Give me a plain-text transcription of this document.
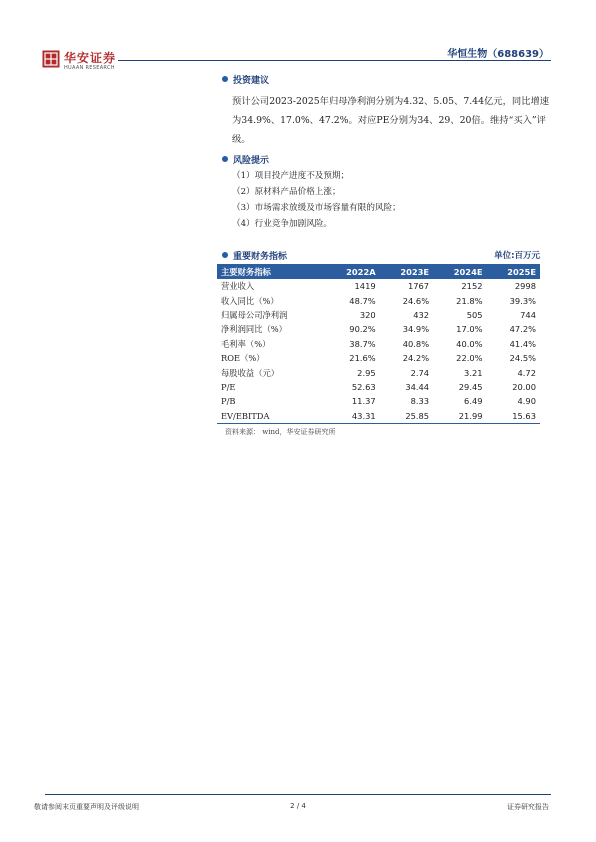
华安证券
HUAAN RESEARCH
华恒生物（688639）
投资建议
预计公司2023-2025年归母净利润分别为4.32、5.05、7.44亿元，同比增速为34.9%、17.0%、47.2%。对应PE分别为34、29、20倍。维持“买入”评级。
风险提示
（1）项目投产进度不及预期；
（2）原材料产品价格上涨；
（3）市场需求放缓及市场容量有限的风险；
（4）行业竞争加剧风险。
重要财务指标	单位:百万元
主要财务指标	2022A	2023E	2024E	2025E
营业收入	1419	1767	2152	2998
收入同比（%）	48.7%	24.6%	21.8%	39.3%
归属母公司净利润	320	432	505	744
净利润同比（%）	90.2%	34.9%	17.0%	47.2%
毛利率（%）	38.7%	40.8%	40.0%	41.4%
ROE（%）	21.6%	24.2%	22.0%	24.5%
每股收益（元）	2.95	2.74	3.21	4.72
P/E	52.63	34.44	29.45	20.00
P/B	11.37	8.33	6.49	4.90
EV/EBITDA	43.31	25.85	21.99	15.63
资料来源： wind，华安证券研究所
敬请参阅末页重要声明及评级说明	2 / 4	证券研究报告
